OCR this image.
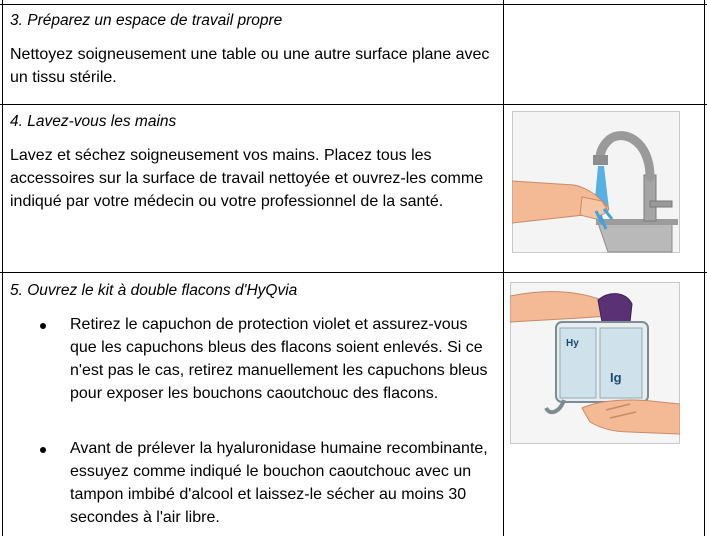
3. Préparez un espace de travail propre
Nettoyez soigneusement une table ou une autre surface plane avec un tissu stérile.
4. Lavez-vous les mains
Lavez et séchez soigneusement vos mains. Placez tous les accessoires sur la surface de travail nettoyée et ouvrez-les comme indiqué par votre médecin ou votre professionnel de la santé.
5. Ouvrez le kit à double flacons d'HyQvia
Retirez le capuchon de protection violet et assurez-vous que les capuchons bleus des flacons soient enlevés. Si ce n'est pas le cas, retirez manuellement les capuchons bleus pour exposer les bouchons caoutchouc des flacons.
Avant de prélever la hyaluronidase humaine recombinante, essuyez comme indiqué le bouchon caoutchouc avec un tampon imbibé d'alcool et laissez-le sécher au moins 30 secondes à l'air libre.
Hy
Ig
